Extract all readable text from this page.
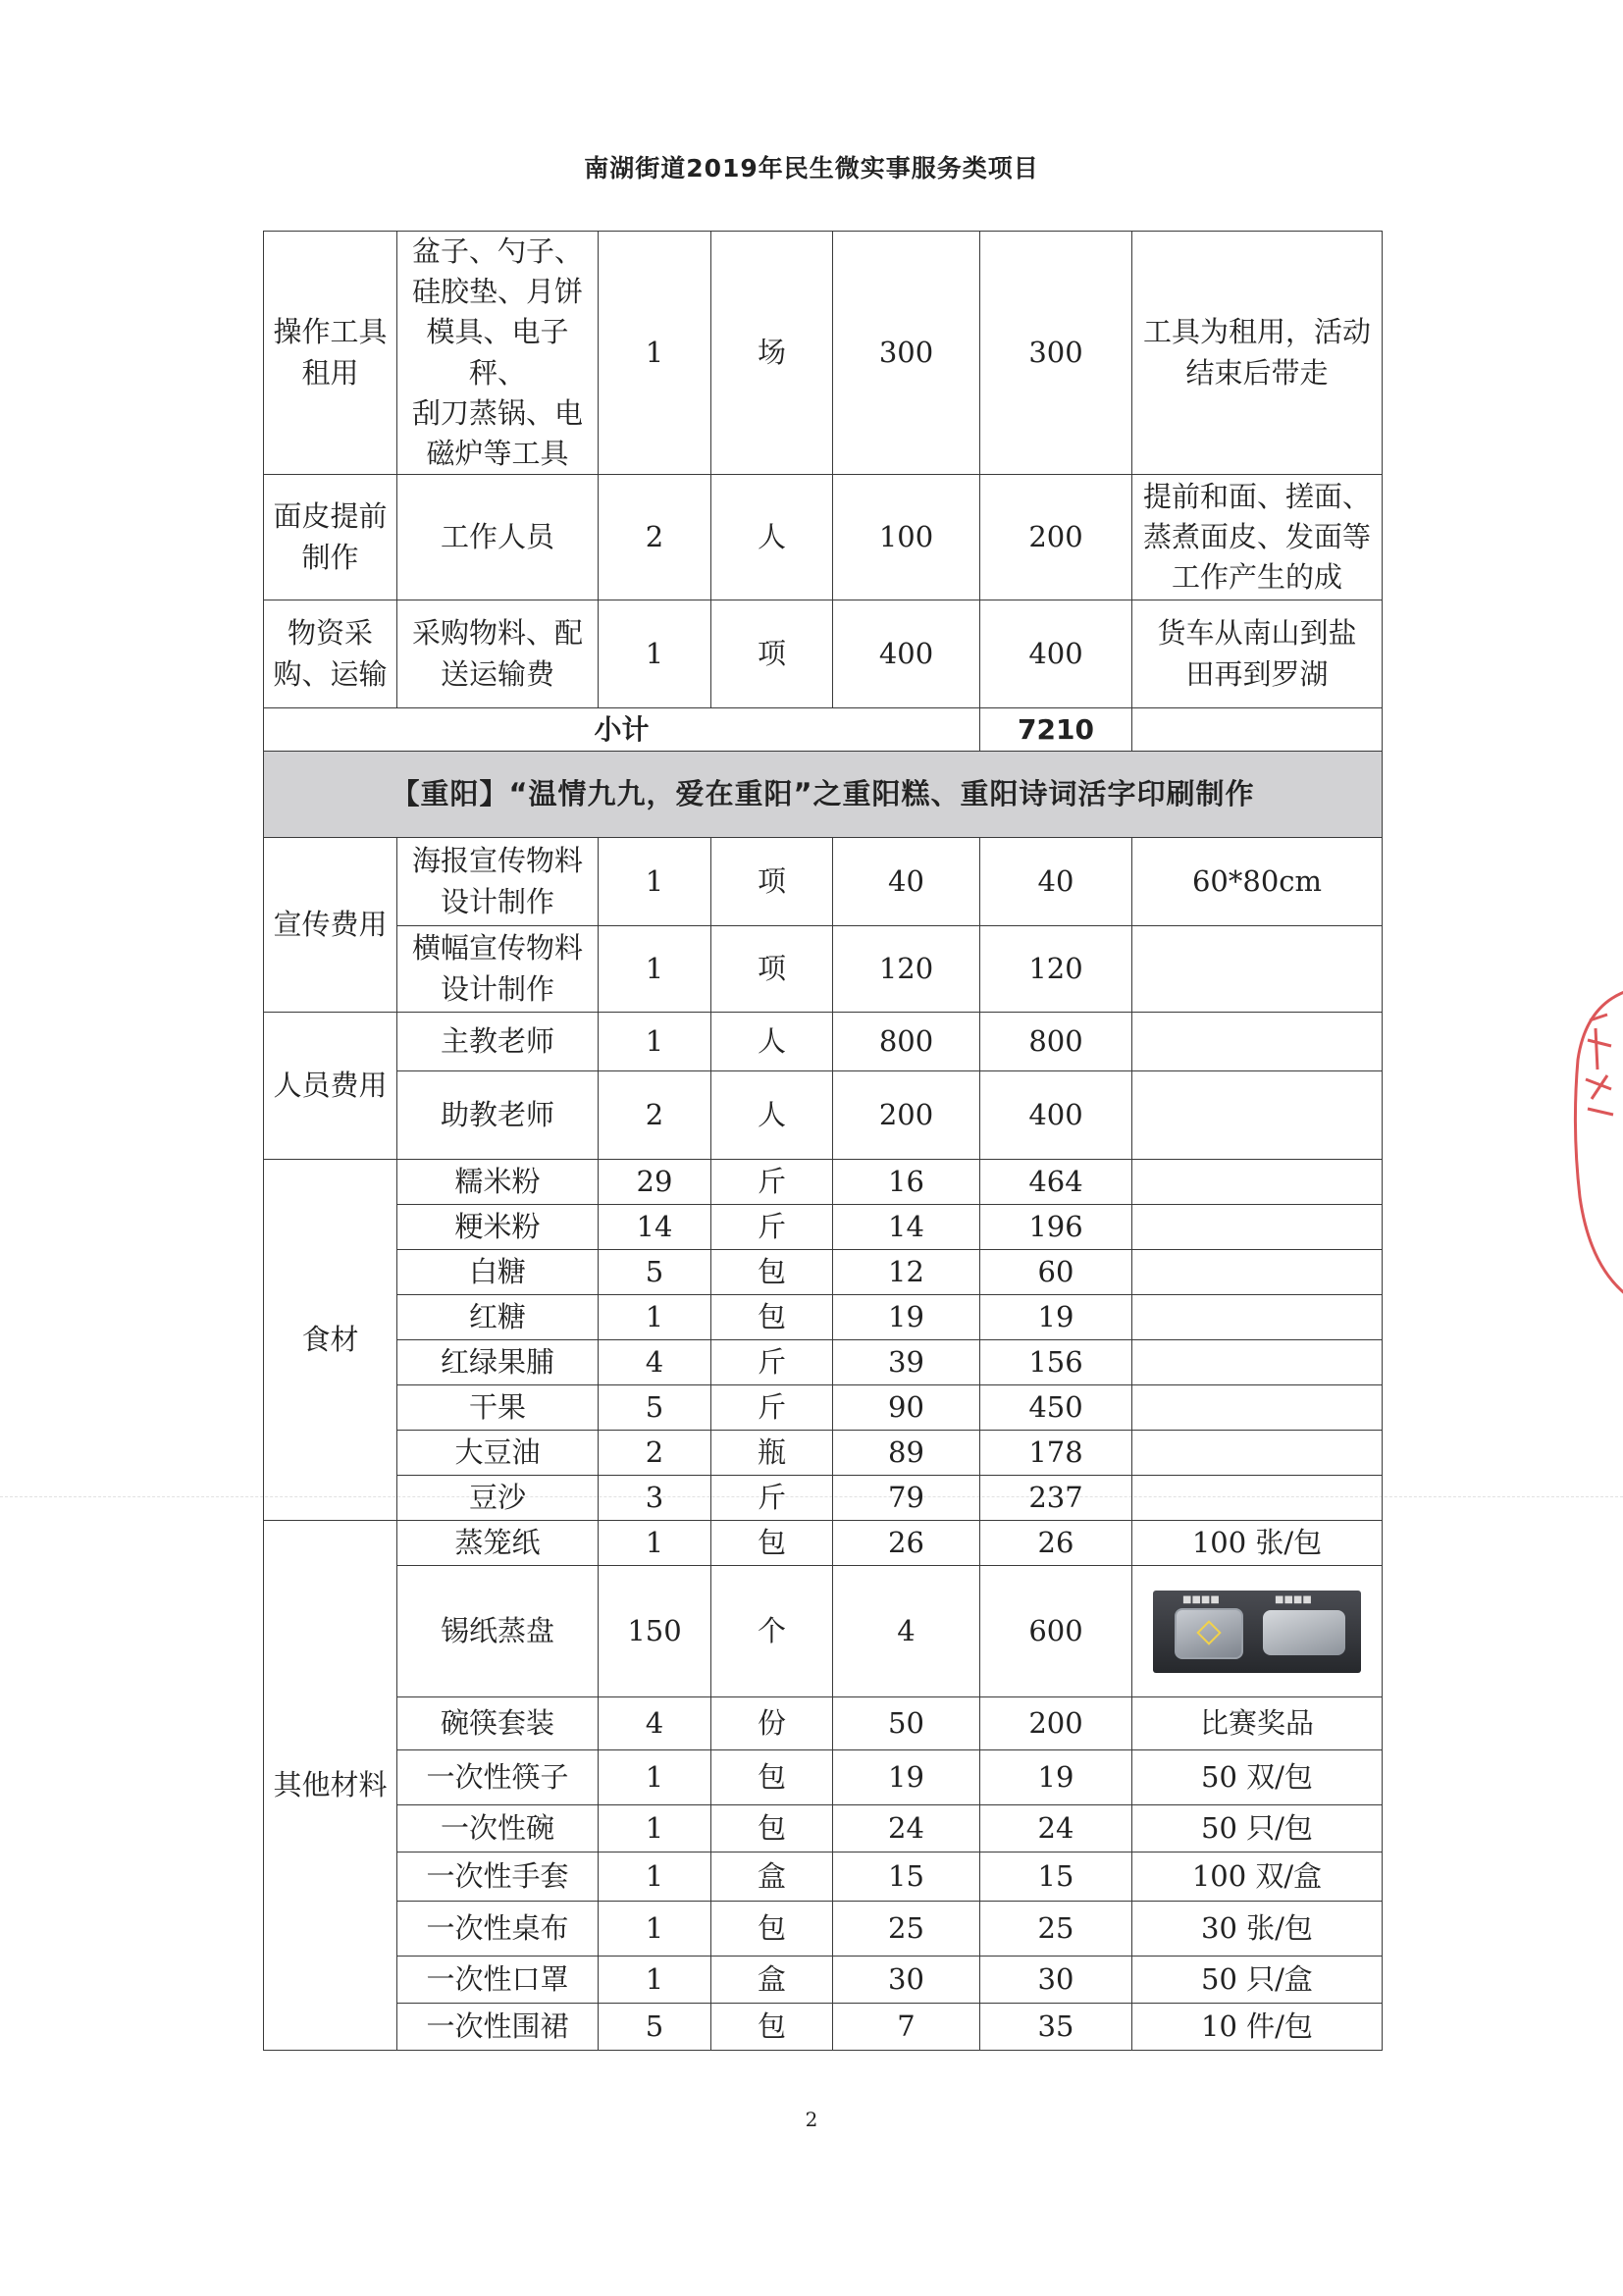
南湖街道2019年民生微实事服务类项目
操作工具
租用	盆子、勺子、
硅胶垫、月饼
模具、电子秤、
刮刀蒸锅、电
磁炉等工具	1	场	300	300	工具为租用，活动
结束后带走
面皮提前
制作	工作人员	2	人	100	200	提前和面、搓面、
蒸煮面皮、发面等
工作产生的成
物资采
购、运输	采购物料、配
送运输费	1	项	400	400	货车从南山到盐
田再到罗湖
小计					7210	
【重阳】“温情九九，爱在重阳”之重阳糕、重阳诗词活字印刷制作						
宣传费用	海报宣传物料
设计制作	1	项	40	40	60*80cm
	横幅宣传物料
设计制作	1	项	120	120	
人员费用	主教老师	1	人	800	800	
	助教老师	2	人	200	400	
食材	糯米粉	29	斤	16	464	
	粳米粉	14	斤	14	196	
	白糖	5	包	12	60	
	红糖	1	包	19	19	
	红绿果脯	4	斤	39	156	
	干果	5	斤	90	450	
	大豆油	2	瓶	89	178	
	豆沙	3	斤	79	237	
其他材料	蒸笼纸	1	包	26	26	100 张/包
	锡纸蒸盘	150	个	4	600	■■■■ ■■■■

	碗筷套装	4	份	50	200	比赛奖品
	一次性筷子	1	包	19	19	50 双/包
	一次性碗	1	包	24	24	50 只/包
	一次性手套	1	盒	15	15	100 双/盒
	一次性桌布	1	包	25	25	30 张/包
	一次性口罩	1	盒	30	30	50 只/盒
	一次性围裙	5	包	7	35	10 件/包
2
